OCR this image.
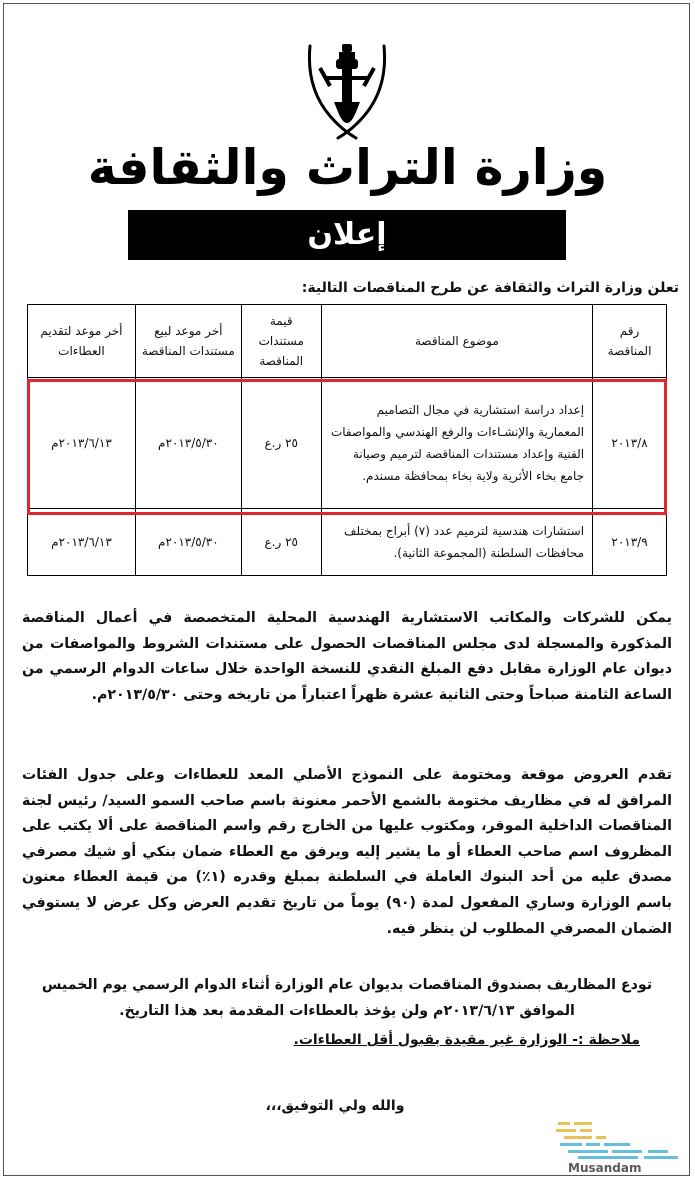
وزارة التراث والثقافة
إعلان
تعلن وزارة التراث والثقافة عن طرح المناقصات التالية:
رقم المناقصة	موضوع المناقصة	قيمة مستندات المناقصة	أخر موعد لبيع مستندات المناقصة	أخر موعد لتقديم العطاءات
٢٠١٣/٨	إعداد دراسة استشارية في مجال التصاميم المعمارية والإنشـاءات والرفع الهندسي والمواصفات الفنية وإعداد مستندات المناقصة لترميم وصيانة جامع بخاء الأثرية ولاية بخاء بمحافظة مسندم.	٢٥ ر.ع	٢٠١٣/٥/٣٠م	٢٠١٣/٦/١٣م
٢٠١٣/٩	استشارات هندسية لترميم عدد (٧) أبراج بمختلف محافظات السلطنة (المجموعة الثانية).	٢٥ ر.ع	٢٠١٣/٥/٣٠م	٢٠١٣/٦/١٣م
يمكن للشركات والمكاتب الاستشارية الهندسية المحلية المتخصصة في أعمال المناقصة المذكورة والمسجلة لدى مجلس المناقصات الحصول على مستندات الشروط والمواصفات من ديوان عام الوزارة مقابل دفع المبلغ النقدي للنسخة الواحدة خلال ساعات الدوام الرسمي من الساعة الثامنة صباحاً وحتى الثانية عشرة ظهراً اعتباراً من تاريخه وحتى ٢٠١٣/٥/٣٠م.
تقدم العروض موقعة ومختومة على النموذج الأصلي المعد للعطاءات وعلى جدول الفئات المرافق له في مظاريف مختومة بالشمع الأحمر معنونة باسم صاحب السمو السيد/ رئيس لجنة المناقصات الداخلية الموقر، ومكتوب عليها من الخارج رقم واسم المناقصة على ألا يكتب على المظروف اسم صاحب العطاء أو ما يشير إليه ويرفق مع العطاء ضمان بنكي أو شيك مصرفي مصدق عليه من أحد البنوك العاملة في السلطنة بمبلغ وقدره (١٪) من قيمة العطاء معنون باسم الوزارة وساري المفعول لمدة (٩٠) يوماً من تاريخ تقديم العرض وكل عرض لا يستوفي الضمان المصرفي المطلوب لن ينظر فيه.
تودع المظاريف بصندوق المناقصات بديوان عام الوزارة أثناء الدوام الرسمي يوم الخميس الموافق ٢٠١٣/٦/١٣م ولن يؤخذ بالعطاءات المقدمة بعد هذا التاريخ.
ملاحظة :- الوزارة غير مقيدة بقبول أقل العطاءات.
والله ولي التوفيق،،،
Musandam
